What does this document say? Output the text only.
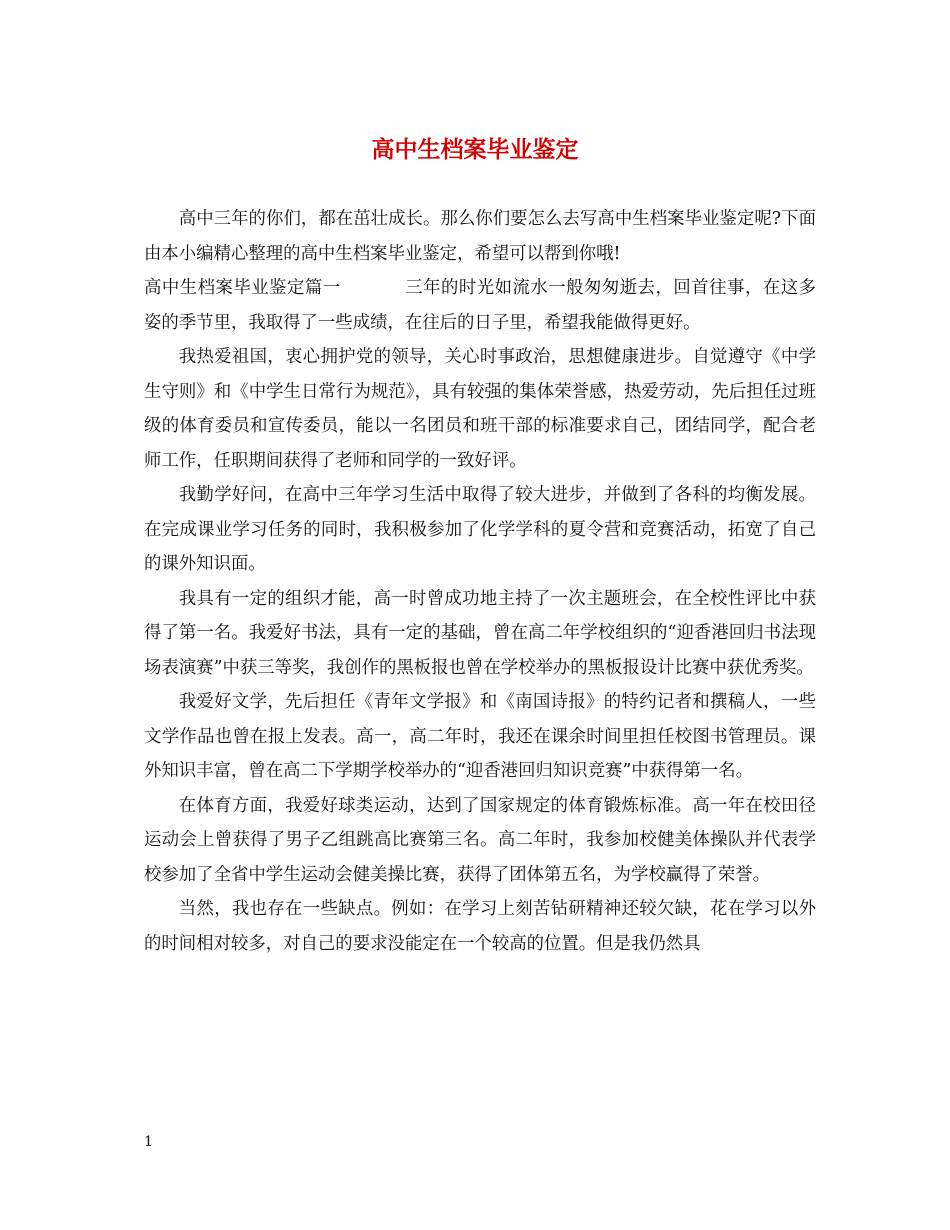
高中生档案毕业鉴定

高中三年的你们，都在茁壮成长。那么你们要怎么去写高中生档案毕业鉴定呢?下面由本小编精心整理的高中生档案毕业鉴定，希望可以帮到你哦!

高中生档案毕业鉴定篇一	三年的时光如流水一般匆匆逝去，回首往事，在这多姿的季节里，我取得了一些成绩，在往后的日子里，希望我能做得更好。

我热爱祖国，衷心拥护党的领导，关心时事政治，思想健康进步。自觉遵守《中学生守则》和《中学生日常行为规范》，具有较强的集体荣誉感，热爱劳动，先后担任过班级的体育委员和宣传委员，能以一名团员和班干部的标准要求自己，团结同学，配合老师工作，任职期间获得了老师和同学的一致好评。

我勤学好问，在高中三年学习生活中取得了较大进步，并做到了各科的均衡发展。在完成课业学习任务的同时，我积极参加了化学学科的夏令营和竞赛活动，拓宽了自己的课外知识面。

我具有一定的组织才能，高一时曾成功地主持了一次主题班会，在全校性评比中获得了第一名。我爱好书法，具有一定的基础，曾在高二年学校组织的“迎香港回归书法现场表演赛”中获三等奖，我创作的黑板报也曾在学校举办的黑板报设计比赛中获优秀奖。

我爱好文学，先后担任《青年文学报》和《南国诗报》的特约记者和撰稿人，一些文学作品也曾在报上发表。高一，高二年时，我还在课余时间里担任校图书管理员。课外知识丰富，曾在高二下学期学校举办的“迎香港回归知识竞赛”中获得第一名。

在体育方面，我爱好球类运动，达到了国家规定的体育锻炼标准。高一年在校田径运动会上曾获得了男子乙组跳高比赛第三名。高二年时，我参加校健美体操队并代表学校参加了全省中学生运动会健美操比赛，获得了团体第五名，为学校赢得了荣誉。

当然，我也存在一些缺点。例如：在学习上刻苦钻研精神还较欠缺，花在学习以外的时间相对较多，对自己的要求没能定在一个较高的位置。但是我仍然具

1
